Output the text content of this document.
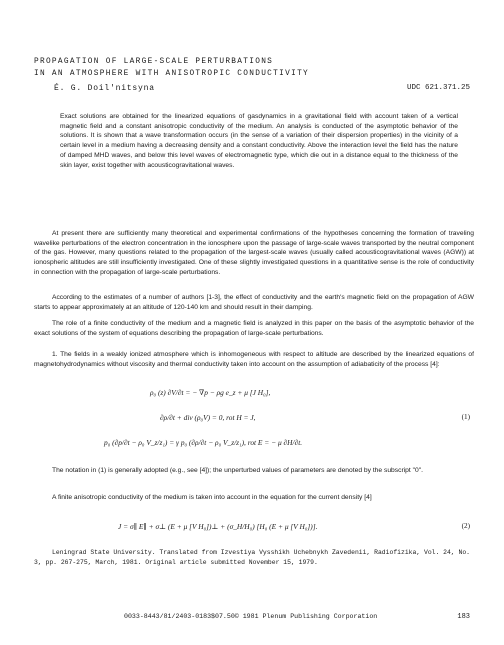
PROPAGATION OF LARGE-SCALE PERTURBATIONS
IN AN ATMOSPHERE WITH ANISOTROPIC CONDUCTIVITY
É. G. Doil'nitsyna	UDC 621.371.25

Exact solutions are obtained for the linearized equations of gasdynamics in a gravitational field with account taken of a vertical magnetic field and a constant anisotropic conductivity of the medium. An analysis is conducted of the asymptotic behavior of the solutions. It is shown that a wave transformation occurs (in the sense of a variation of their dispersion properties) in the vicinity of a certain level in a medium having a decreasing density and a constant conductivity. Above the interaction level the field has the nature of damped MHD waves, and below this level waves of electromagnetic type, which die out in a distance equal to the thickness of the skin layer, exist together with acousticogravitational waves.

At present there are sufficiently many theoretical and experimental confirmations of the hypotheses concerning the formation of traveling wavelike perturbations of the electron concentration in the ionosphere upon the passage of large-scale waves transported by the neutral component of the gas. However, many questions related to the propagation of the largest-scale waves (usually called acousticogravitational waves (AGW)) at ionospheric altitudes are still insufficiently investigated. One of these slightly investigated questions in a quantitative sense is the role of conductivity in connection with the propagation of large-scale perturbations.

According to the estimates of a number of authors [1-3], the effect of conductivity and the earth's magnetic field on the propagation of AGW starts to appear approximately at an altitude of 120-140 km and should result in their damping.

The role of a finite conductivity of the medium and a magnetic field is analyzed in this paper on the basis of the asymptotic behavior of the exact solutions of the system of equations describing the propagation of large-scale perturbations.

1. The fields in a weakly ionized atmosphere which is inhomogeneous with respect to altitude are described by the linearized equations of magnetohydrodynamics without viscosity and thermal conductivity taken into account on the assumption of adiabaticity of the process [4]:

ρ₀ (z) ∂V/∂t = − ∇p − ρg e_z + μ [J H₀],
∂ρ/∂t + div (ρ₀V) = 0, rot H = J,	(1)
p₀ (∂p/∂t − ρ₀ V_z/z₁) = γ p₀ (∂ρ/∂t − ρ₀ V_z/z₁), rot E = − μ ∂H/∂t.

The notation in (1) is generally adopted (e.g., see [4]); the unperturbed values of parameters are denoted by the subscript "0".

A finite anisotropic conductivity of the medium is taken into account in the equation for the current density [4]

J = σ∥ E∥ + σ⊥ (E + μ [V H₀])⊥ + (σ_H/H₀) [H₀ (E + μ [V H₀])].	(2)

Leningrad State University. Translated from Izvestiya Vysshikh Uchebnykh Zavedenii, Radiofizika, Vol. 24, No. 3, pp. 267-275, March, 1981. Original article submitted November 15, 1979.

0033-8443/81/2403-0183$07.50© 1981 Plenum Publishing Corporation	183
